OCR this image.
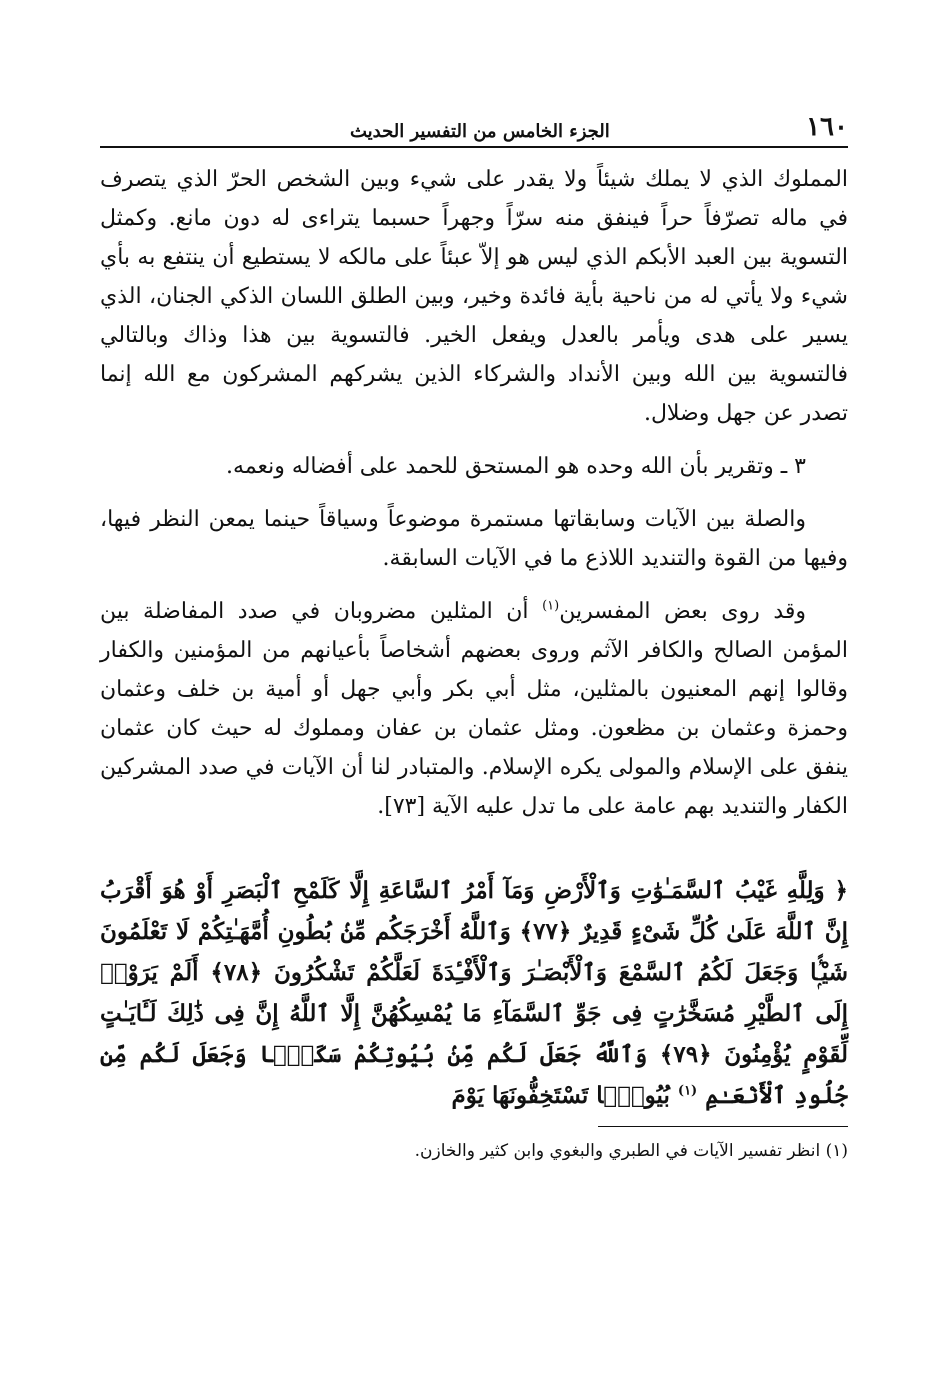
١٦٠
الجزء الخامس من التفسير الحديث

المملوك الذي لا يملك شيئاً ولا يقدر على شيء وبين الشخص الحرّ الذي يتصرف في ماله تصرّفاً حراً فينفق منه سرّاً وجهراً حسبما يتراءى له دون مانع. وكمثل التسوية بين العبد الأبكم الذي ليس هو إلاّ عبئاً على مالكه لا يستطيع أن ينتفع به بأي شيء ولا يأتي له من ناحية بأية فائدة وخير، وبين الطلق اللسان الذكي الجنان، الذي يسير على هدى ويأمر بالعدل ويفعل الخير. فالتسوية بين هذا وذاك وبالتالي فالتسوية بين الله وبين الأنداد والشركاء الذين يشركهم المشركون مع الله إنما تصدر عن جهل وضلال.

٣ ـ وتقرير بأن الله وحده هو المستحق للحمد على أفضاله ونعمه.

والصلة بين الآيات وسابقاتها مستمرة موضوعاً وسياقاً حينما يمعن النظر فيها، وفيها من القوة والتنديد اللاذع ما في الآيات السابقة.

وقد روى بعض المفسرين$^{(١)}$ أن المثلين مضروبان في صدد المفاضلة بين المؤمن الصالح والكافر الآثم وروى بعضهم أشخاصاً بأعيانهم من المؤمنين والكفار وقالوا إنهم المعنيون بالمثلين، مثل أبي بكر وأبي جهل أو أمية بن خلف وعثمان وحمزة وعثمان بن مظعون. ومثل عثمان بن عفان ومملوك له حيث كان عثمان ينفق على الإسلام والمولى يكره الإسلام. والمتبادر لنا أن الآيات في صدد المشركين الكفار والتنديد بهم عامة على ما تدل عليه الآية [٧٣].

﴿ وَلِلَّهِ غَيْبُ ٱلسَّمَـٰوَٰتِ وَٱلْأَرْضِ وَمَآ أَمْرُ ٱلسَّاعَةِ إِلَّا كَلَمْحِ ٱلْبَصَرِ أَوْ هُوَ أَقْرَبُ إِنَّ ٱللَّهَ عَلَىٰ كُلِّ شَىْءٍ قَدِيرٌ ﴿٧٧﴾ وَٱللَّهُ أَخْرَجَكُم مِّنۢ بُطُونِ أُمَّهَـٰتِكُمْ لَا تَعْلَمُونَ شَيْـًۭٔا وَجَعَلَ لَكُمُ ٱلسَّمْعَ وَٱلْأَبْصَـٰرَ وَٱلْأَفْـِٔدَةَ لَعَلَّكُمْ تَشْكُرُونَ ﴿٧٨﴾ أَلَمْ يَرَوْا۟ إِلَى ٱلطَّيْرِ مُسَخَّرَٰتٍ فِى جَوِّ ٱلسَّمَآءِ مَا يُمْسِكُهُنَّ إِلَّا ٱللَّهُ إِنَّ فِى ذَٰلِكَ لَـَٔايَـٰتٍ لِّقَوْمٍ يُؤْمِنُونَ ﴿٧٩﴾ وَٱللَّهُ جَعَلَ لَكُم مِّنۢ بُيُوتِكُمْ سَكَنًۭا وَجَعَلَ لَكُم مِّن جُلُودِ ٱلْأَنْعَـٰمِ $^{(١)}$ بُيُوتًۭا تَسْتَخِفُّونَهَا يَوْمَ
(١) انظر تفسير الآيات في الطبري والبغوي وابن كثير والخازن.
